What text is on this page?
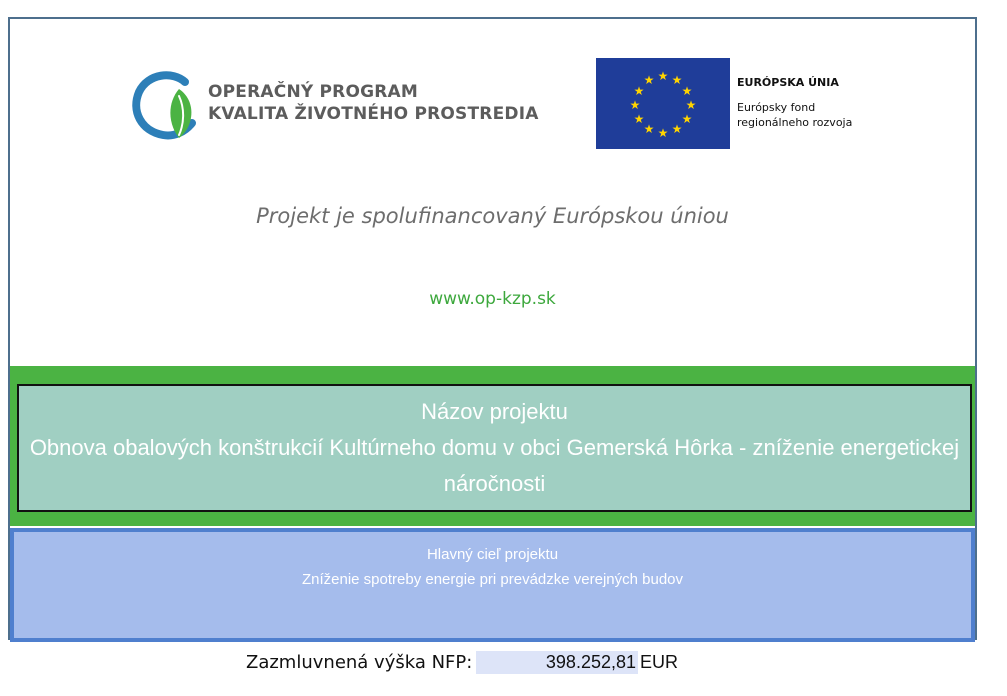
OPERAČNÝ PROGRAM
KVALITA ŽIVOTNÉHO PROSTREDIA
★ ★
★
★
★
★
★
★
★
★
★
★	EURÓPSKA ÚNIA
Európsky fond
regionálneho rozvoja
Projekt je spolufinancovaný Európskou úniou
www.op-kzp.sk
Názov projektu
Obnova obalových konštrukcií Kultúrneho domu v obci Gemerská Hôrka - zníženie energetickej náročnosti
Hlavný cieľ projektu
Zníženie spotreby energie pri prevádzke verejných budov
Zazmluvnená výška NFP:	398.252,81 EUR
